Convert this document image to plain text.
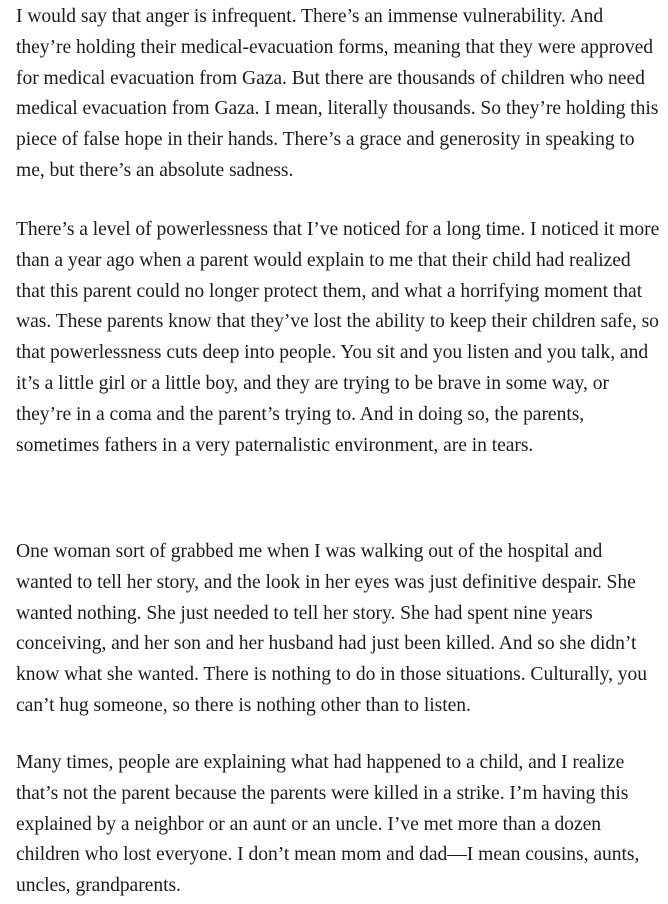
I would say that anger is infrequent. There’s an immense vulnerability. And they’re holding their medical-evacuation forms, meaning that they were approved for medical evacuation from Gaza. But there are thousands of children who need medical evacuation from Gaza. I mean, literally thousands. So they’re holding this piece of false hope in their hands. There’s a grace and generosity in speaking to me, but there’s an absolute sadness.

There’s a level of powerlessness that I’ve noticed for a long time. I noticed it more than a year ago when a parent would explain to me that their child had realized that this parent could no longer protect them, and what a horrifying moment that was. These parents know that they’ve lost the ability to keep their children safe, so that powerlessness cuts deep into people. You sit and you listen and you talk, and it’s a little girl or a little boy, and they are trying to be brave in some way, or they’re in a coma and the parent’s trying to. And in doing so, the parents, sometimes fathers in a very paternalistic environment, are in tears.

One woman sort of grabbed me when I was walking out of the hospital and wanted to tell her story, and the look in her eyes was just definitive despair. She wanted nothing. She just needed to tell her story. She had spent nine years conceiving, and her son and her husband had just been killed. And so she didn’t know what she wanted. There is nothing to do in those situations. Culturally, you can’t hug someone, so there is nothing other than to listen.

Many times, people are explaining what had happened to a child, and I realize that’s not the parent because the parents were killed in a strike. I’m having this explained by a neighbor or an aunt or an uncle. I’ve met more than a dozen children who lost everyone. I don’t mean mom and dad—I mean cousins, aunts, uncles, grandparents.
